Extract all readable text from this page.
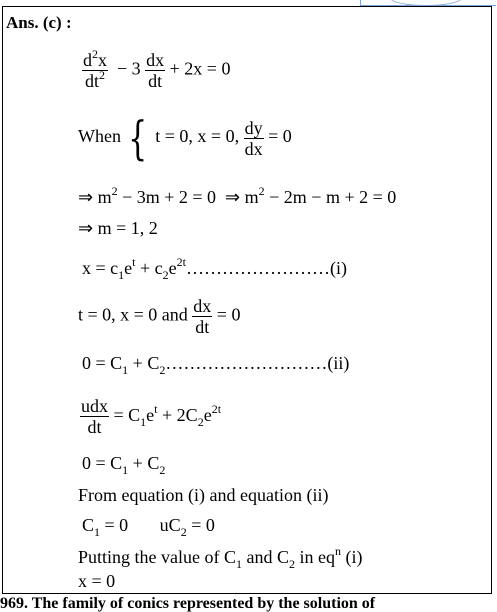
Ans. (c) :
$\frac{d^2x}{dt^2} - 3 \frac{dx}{dt} + 2x = 0$
When { t = 0, x = 0, $\frac{dy}{dx} = 0$
⇒ $m^2 - 3m + 2 = 0$  ⇒ $m^2 - 2m - m + 2 = 0$
⇒ m = 1, 2
$x = c_1e^t$ + $c_2e^{2t}\dots\dots\dots\dots\dots\dots\dots\dots(i)$
t = 0, x = 0 and $\frac{dx}{dt} = 0$
$0 = C_1$ + $C_2\dots\dots\dots\dots\dots\dots\dots\dots\dots(ii)$
$\frac{\text{udx}}{dt} = C_1e^t + 2C_2e^{2t}$
$0 = C_1 + C_2$
From equation (i) and equation (ii)
$C_1 = 0$       $uC_2 = 0$
Putting the value of $C_1$ and $C_2$ in $eq^n$ (i)
x = 0
969. The family of conics represented by the solution of
